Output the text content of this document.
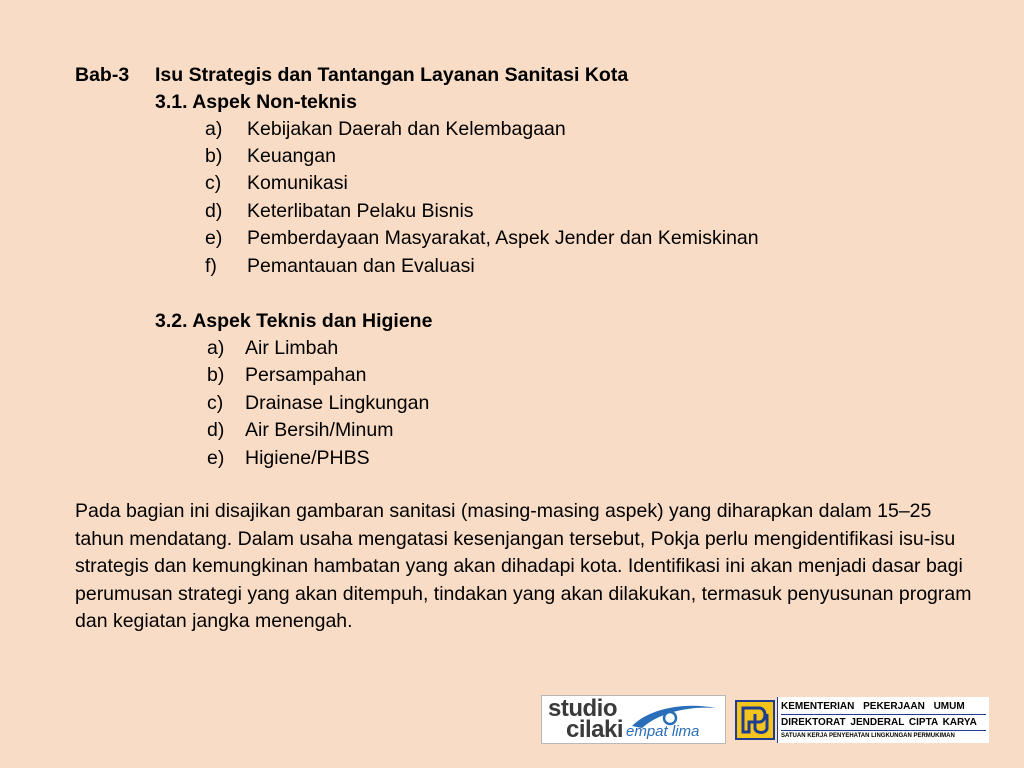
Bab-3 Isu Strategis dan Tantangan Layanan Sanitasi Kota
3.1. Aspek Non-teknis
a) Kebijakan Daerah dan Kelembagaan
b) Keuangan
c) Komunikasi
d) Keterlibatan Pelaku Bisnis
e) Pemberdayaan Masyarakat, Aspek Jender dan Kemiskinan
f) Pemantauan dan Evaluasi
3.2. Aspek Teknis dan Higiene
a) Air Limbah
b) Persampahan
c) Drainase Lingkungan
d) Air Bersih/Minum
e) Higiene/PHBS
Pada bagian ini disajikan gambaran sanitasi (masing-masing aspek) yang diharapkan dalam 15–25 tahun mendatang. Dalam usaha mengatasi kesenjangan tersebut, Pokja perlu mengidentifikasi isu-isu strategis dan kemungkinan hambatan yang akan dihadapi kota. Identifikasi ini akan menjadi dasar bagi perumusan strategi yang akan ditempuh, tindakan yang akan dilakukan, termasuk penyusunan program dan kegiatan jangka menengah.
studio
cilaki empat lima
KEMENTERIAN PEKERJAAN UMUM
DIREKTORAT JENDERAL CIPTA KARYA
SATUAN KERJA PENYEHATAN LINGKUNGAN PERMUKIMAN
